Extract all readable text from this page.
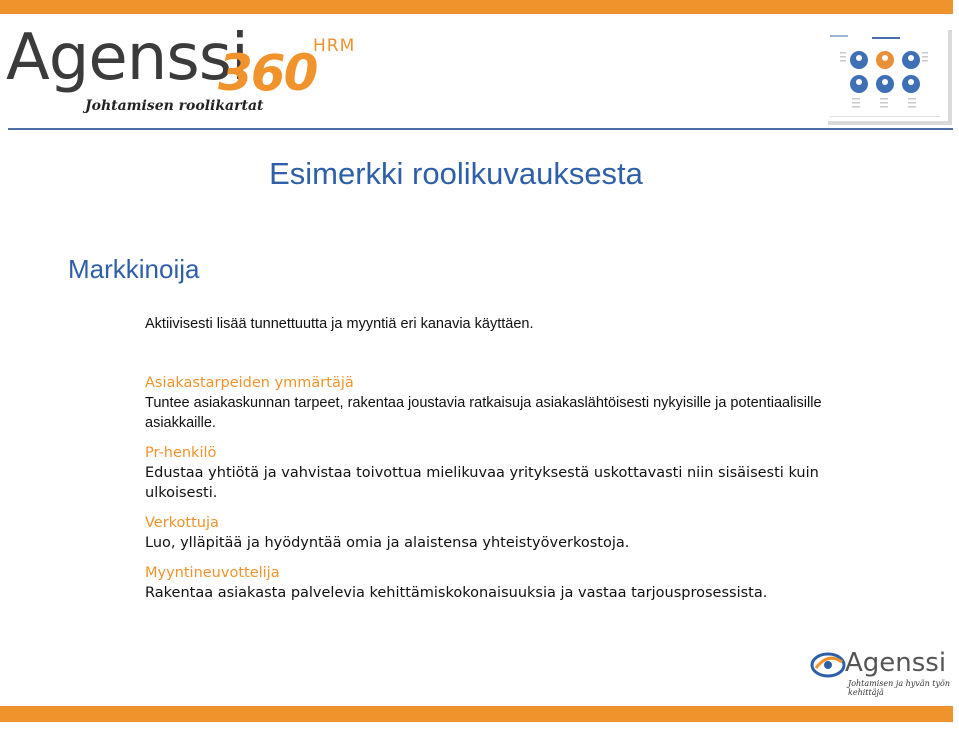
Agenssi
360
HRM
Johtamisen roolikartat
Esimerkki roolikuvauksesta
Markkinoija
Aktiivisesti lisää tunnettuutta ja myyntiä eri kanavia käyttäen.
Asiakastarpeiden ymmärtäjä
Tuntee asiakaskunnan tarpeet, rakentaa joustavia ratkaisuja asiakaslähtöisesti nykyisille ja potentiaalisille asiakkaille.
Pr-henkilö
Edustaa yhtiötä ja vahvistaa toivottua mielikuvaa yrityksestä uskottavasti niin sisäisesti kuin ulkoisesti.
Verkottuja
Luo, ylläpitää ja hyödyntää omia ja alaistensa yhteistyöverkostoja.
Myyntineuvottelija
Rakentaa asiakasta palvelevia kehittämiskokonaisuuksia ja vastaa tarjousprosessista.
Agenssi
Johtamisen ja hyvän työn kehittäjä
